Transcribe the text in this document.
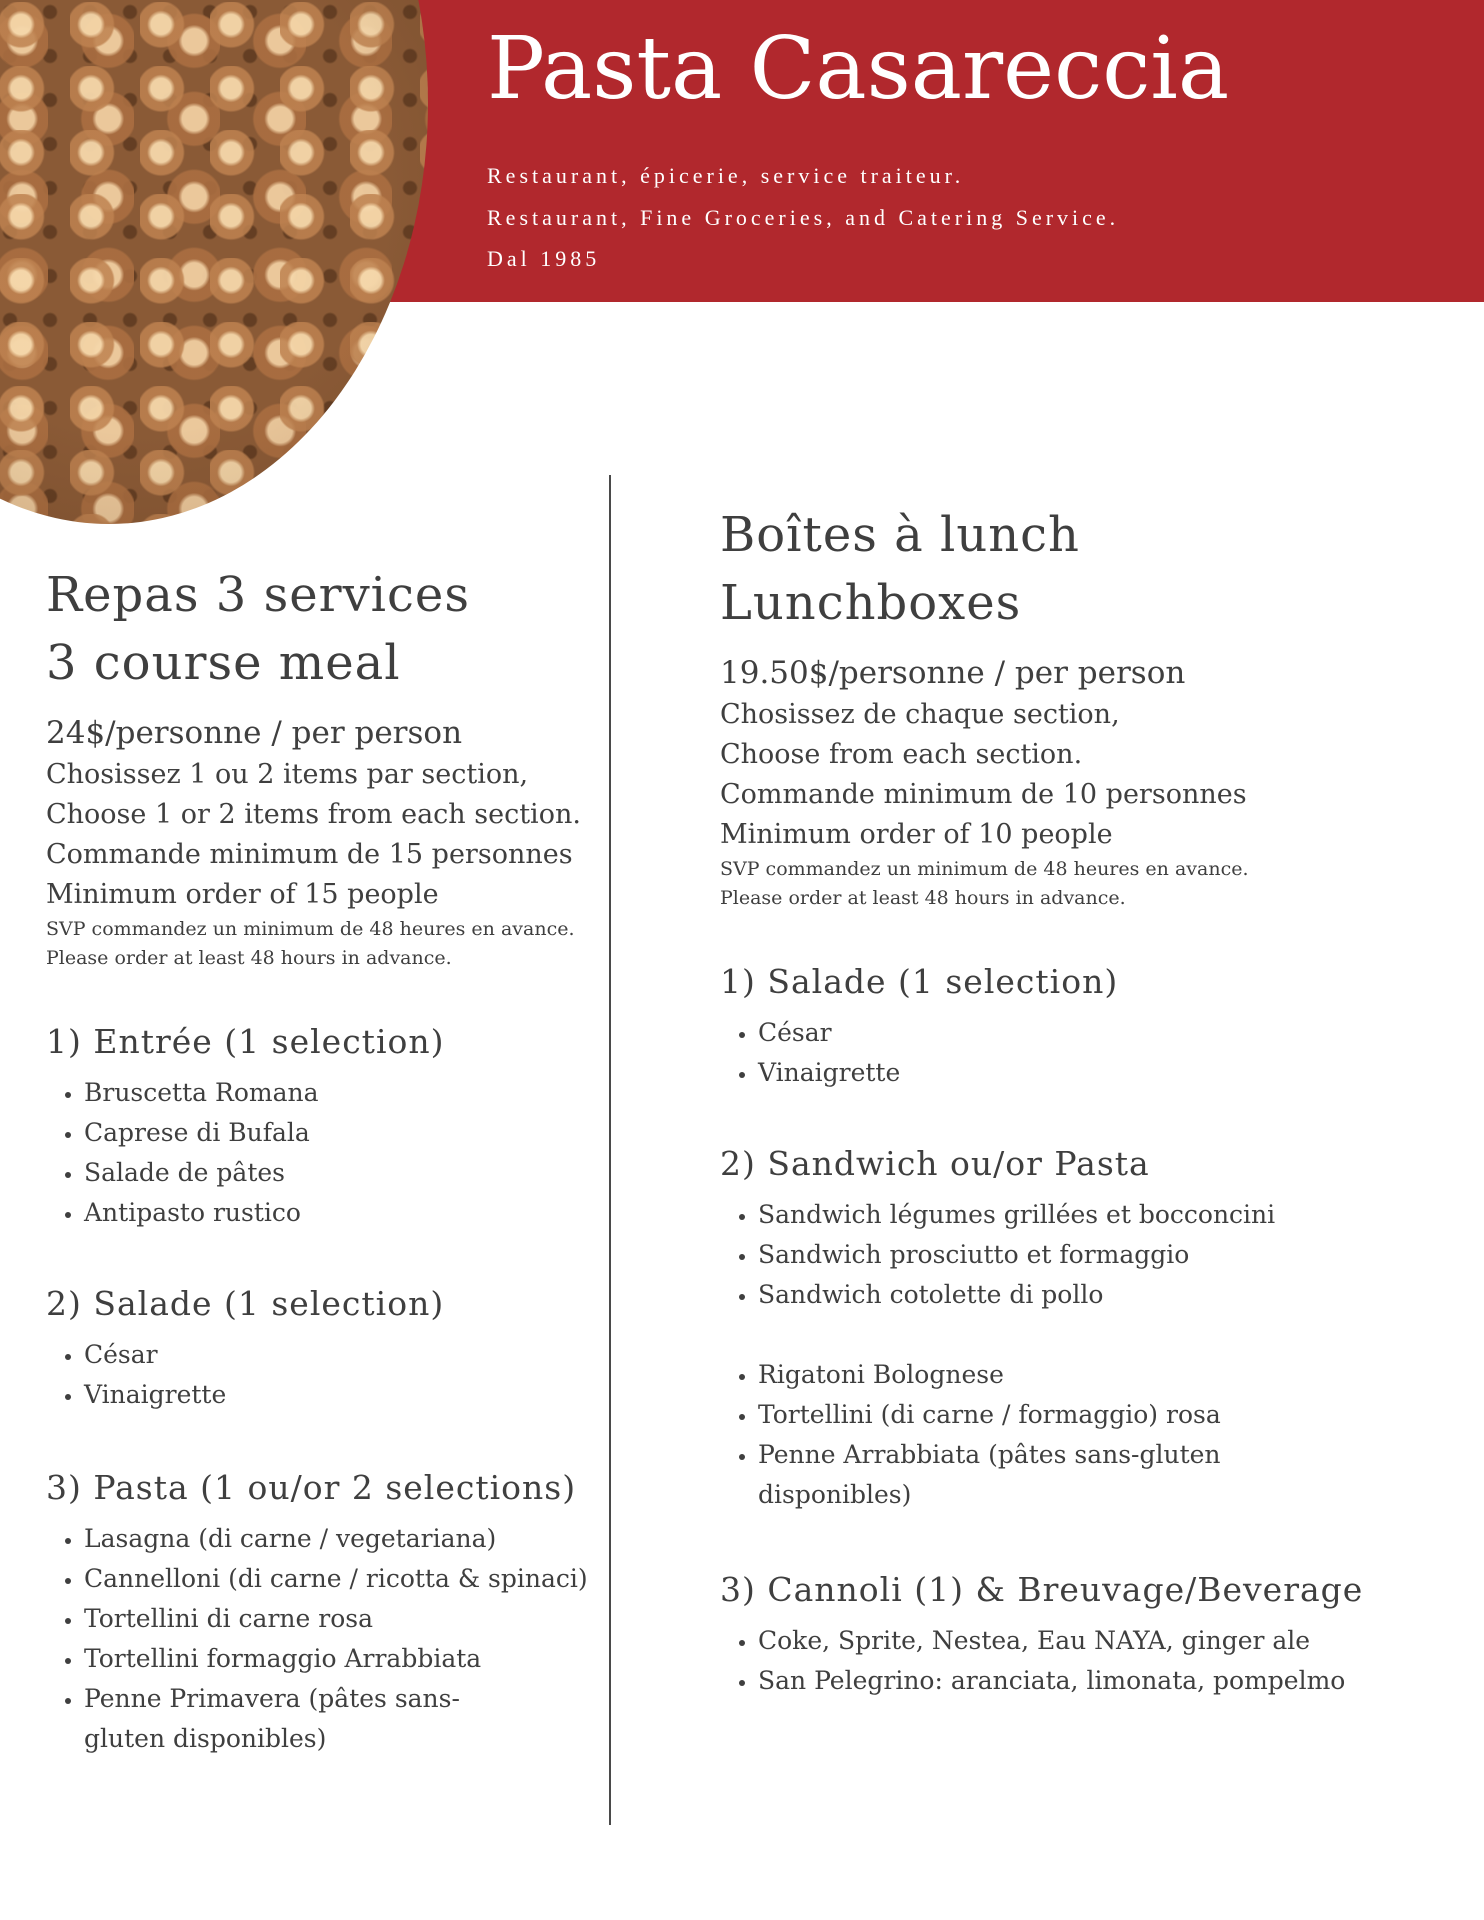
Pasta Casareccia
Restaurant, épicerie, service traiteur.
Restaurant, Fine Groceries, and Catering Service.
Dal 1985
Repas 3 services
3 course meal
24$/personne / per person
Chosissez 1 ou 2 items par section,
Choose 1 or 2 items from each section.
Commande minimum de 15 personnes
Minimum order of 15 people
SVP commandez un minimum de 48 heures en avance.
Please order at least 48 hours in advance.
1) Entrée (1 selection)
• Bruscetta Romana
• Caprese di Bufala
• Salade de pâtes
• Antipasto rustico
2) Salade (1 selection)
• César
• Vinaigrette
3) Pasta (1 ou/or 2 selections)
• Lasagna (di carne / vegetariana)
• Cannelloni (di carne / ricotta & spinaci)
• Tortellini di carne rosa
• Tortellini formaggio Arrabbiata
• Penne Primavera (pâtes sans-gluten disponibles)
Boîtes à lunch
Lunchboxes
19.50$/personne / per person
Chosissez de chaque section,
Choose from each section.
Commande minimum de 10 personnes
Minimum order of 10 people
SVP commandez un minimum de 48 heures en avance.
Please order at least 48 hours in advance.
1) Salade (1 selection)
• César
• Vinaigrette
2) Sandwich ou/or Pasta
• Sandwich légumes grillées et bocconcini
• Sandwich prosciutto et formaggio
• Sandwich cotolette di pollo
• Rigatoni Bolognese
• Tortellini (di carne / formaggio) rosa
• Penne Arrabbiata (pâtes sans-gluten disponibles)
3) Cannoli (1) & Breuvage/Beverage
• Coke, Sprite, Nestea, Eau NAYA, ginger ale
• San Pelegrino: aranciata, limonata, pompelmo
